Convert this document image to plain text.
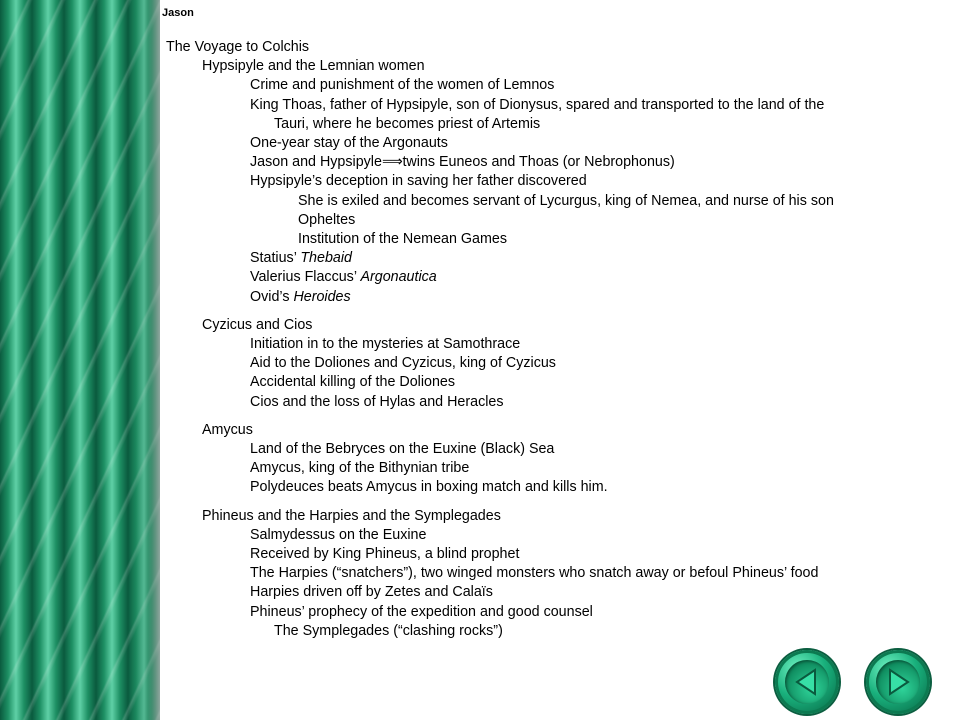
Jason
The Voyage to Colchis
Hypsipyle and the Lemnian women
Crime and punishment of the women of Lemnos
King Thoas, father of Hypsipyle, son of Dionysus, spared and transported to the land of the
Tauri, where he becomes priest of Artemis
One-year stay of the Argonauts
Jason and Hypsipyle⟹twins Euneos and Thoas (or Nebrophonus)
Hypsipyle’s deception in saving her father discovered
She is exiled and becomes servant of Lycurgus, king of Nemea, and nurse of his son
Opheltes
Institution of the Nemean Games
Statius’ Thebaid
Valerius Flaccus’ Argonautica
Ovid’s Heroides
Cyzicus and Cios
Initiation in to the mysteries at Samothrace
Aid to the Doliones and Cyzicus, king of Cyzicus
Accidental killing of the Doliones
Cios and the loss of Hylas and Heracles
Amycus
Land of the Bebryces on the Euxine (Black) Sea
Amycus, king of the Bithynian tribe
Polydeuces beats Amycus in boxing match and kills him.
Phineus and the Harpies and the Symplegades
Salmydessus on the Euxine
Received by King Phineus, a blind prophet
The Harpies (“snatchers”), two winged monsters who snatch away or befoul Phineus’ food
Harpies driven off by Zetes and Calaïs
Phineus’ prophecy of the expedition and good counsel
The Symplegades (“clashing rocks”)
